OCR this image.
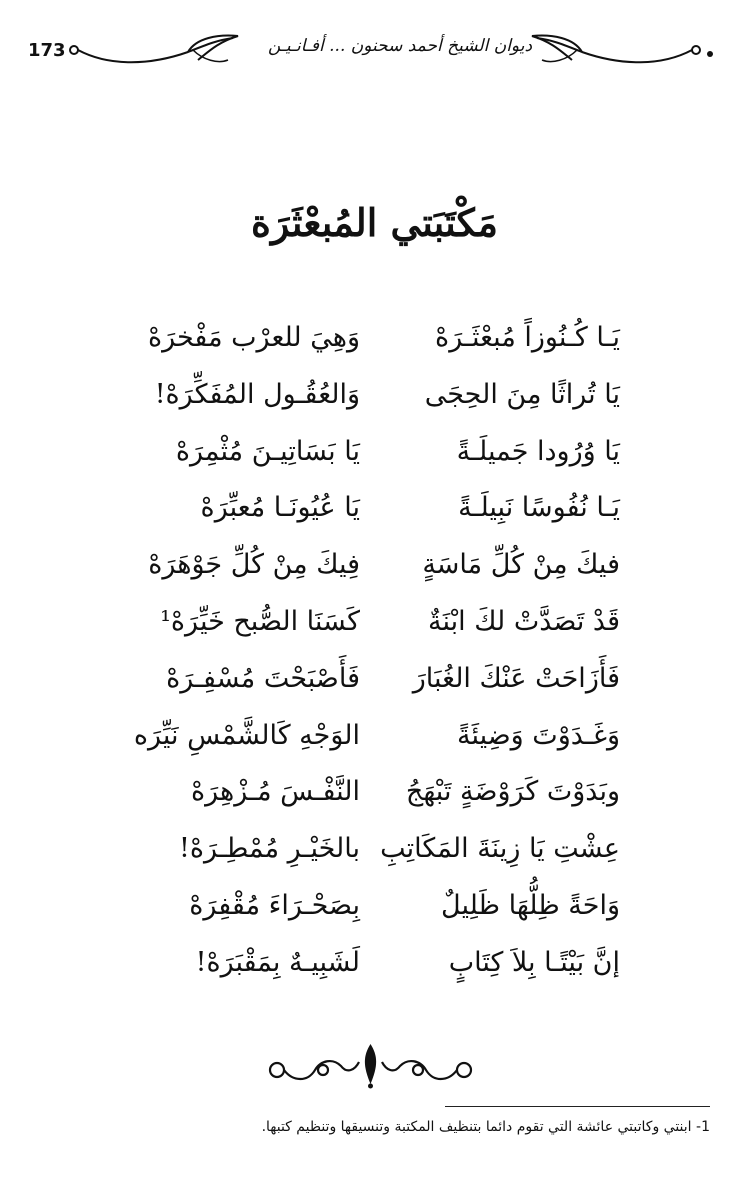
173	ديوان الشيخ أحمد سحنون ... أفـانـيـن
مَكْتَبَتي المُبعْثَرَة
يَـا كُـنُوزاً مُبعْثَـرَهْ
وَهِيَ للعرْب مَفْخرَهْ
يَا تُراثًا مِنَ الحِجَى
وَالعُقُـول المُفَكِّرَهْ!
يَا وُرُودا جَميلَـةً
يَا بَسَاتِيـنَ مُثْمِرَهْ
يَـا نُفُوسًا نَبِيلَـةً
يَا عُيُونَـا مُعبِّرَهْ
فيكَ مِنْ كُلِّ مَاسَةٍ
فِيكَ مِنْ كُلِّ جَوْهَرَهْ
قَدْ تَصَدَّتْ لكَ ابْنَةٌ
كَسَنَا الصُّبح خَيِّرَهْ¹
فَأَزَاحَتْ عَنْكَ الغُبَارَ
فَأَصْبَحْتَ مُسْفِـرَهْ
وَغَـدَوْتَ وَضِيئَةً
الوَجْهِ كَالشَّمْسِ نَيِّرَه
وبَدَوْتَ كَرَوْضَةٍ تَبْهَجُ
النَّفْـسَ مُـزْهِرَهْ
عِشْتِ يَا زِينَةَ المَكَاتِبِ
بالخَيْـرِ مُمْطِـرَهْ!
وَاحَةً ظِلُّهَا ظَلِيلٌ
بِصَحْـرَاءَ مُقْفِرَهْ
إنَّ بَيْتًـا بِلاَ كِتَابٍ
لَشَبِيـهٌ بِمَقْبَرَهْ!
1- ابنتي وكاتبتي عائشة التي تقوم دائما بتنظيف المكتبة وتنسيقها وتنظيم كتبها.
